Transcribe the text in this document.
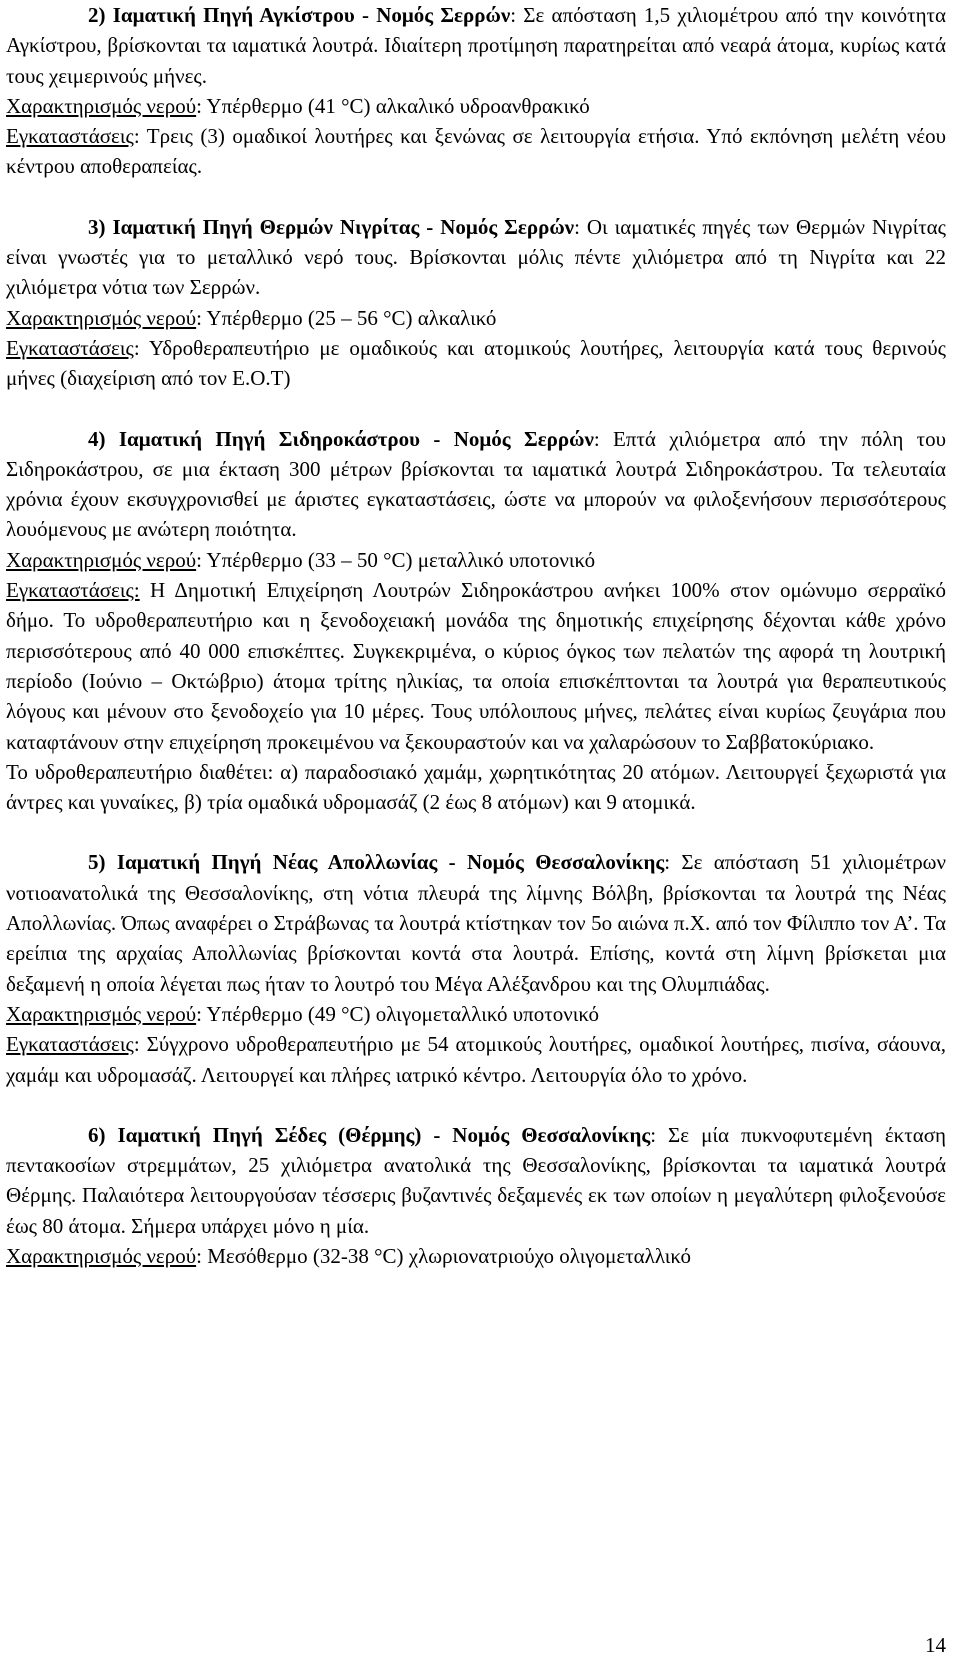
2) Ιαματική Πηγή Αγκίστρου - Νομός Σερρών: Σε απόσταση 1,5 χιλιομέτρου από την κοινότητα Αγκίστρου, βρίσκονται τα ιαματικά λουτρά. Ιδιαίτερη προτίμηση παρατηρείται από νεαρά άτομα, κυρίως κατά τους χειμερινούς μήνες.

Χαρακτηρισμός νερού: Υπέρθερμο (41 °C) αλκαλικό υδροανθρακικό

Εγκαταστάσεις: Τρεις (3) ομαδικοί λουτήρες και ξενώνας σε λειτουργία ετήσια. Υπό εκπόνηση μελέτη νέου κέντρου αποθεραπείας.

3) Ιαματική Πηγή Θερμών Νιγρίτας - Νομός Σερρών: Οι ιαματικές πηγές των Θερμών Νιγρίτας είναι γνωστές για το μεταλλικό νερό τους. Βρίσκονται μόλις πέντε χιλιόμετρα από τη Νιγρίτα και 22 χιλιόμετρα νότια των Σερρών.

Χαρακτηρισμός νερού: Υπέρθερμο (25 – 56 °C) αλκαλικό

Εγκαταστάσεις: Υδροθεραπευτήριο με ομαδικούς και ατομικούς λουτήρες, λειτουργία κατά τους θερινούς μήνες (διαχείριση από τον Ε.Ο.Τ)

4) Ιαματική Πηγή Σιδηροκάστρου - Νομός Σερρών: Επτά χιλιόμετρα από την πόλη του Σιδηροκάστρου, σε μια έκταση 300 μέτρων βρίσκονται τα ιαματικά λουτρά Σιδηροκάστρου. Τα τελευταία χρόνια έχουν εκσυγχρονισθεί με άριστες εγκαταστάσεις, ώστε να μπορούν να φιλοξενήσουν περισσότερους λουόμενους με ανώτερη ποιότητα.

Χαρακτηρισμός νερού: Υπέρθερμο (33 – 50 °C) μεταλλικό υποτονικό

Εγκαταστάσεις: Η Δημοτική Επιχείρηση Λουτρών Σιδηροκάστρου ανήκει 100% στον ομώνυμο σερραϊκό δήμο. Το υδροθεραπευτήριο και η ξενοδοχειακή μονάδα της δημοτικής επιχείρησης δέχονται κάθε χρόνο περισσότερους από 40 000 επισκέπτες. Συγκεκριμένα, ο κύριος όγκος των πελατών της αφορά τη λουτρική περίοδο (Ιούνιο – Οκτώβριο) άτομα τρίτης ηλικίας, τα οποία επισκέπτονται τα λουτρά για θεραπευτικούς λόγους και μένουν στο ξενοδοχείο για 10 μέρες. Τους υπόλοιπους μήνες, πελάτες είναι κυρίως ζευγάρια που καταφτάνουν στην επιχείρηση προκειμένου να ξεκουραστούν και να χαλαρώσουν το Σαββατοκύριακο.

Το υδροθεραπευτήριο διαθέτει: α) παραδοσιακό χαμάμ, χωρητικότητας 20 ατόμων. Λειτουργεί ξεχωριστά για άντρες και γυναίκες, β) τρία ομαδικά υδρομασάζ (2 έως 8 ατόμων) και 9 ατομικά.

5) Ιαματική Πηγή Νέας Απολλωνίας - Νομός Θεσσαλονίκης: Σε απόσταση 51 χιλιομέτρων νοτιοανατολικά της Θεσσαλονίκης, στη νότια πλευρά της λίμνης Βόλβη, βρίσκονται τα λουτρά της Νέας Απολλωνίας. Όπως αναφέρει ο Στράβωνας τα λουτρά κτίστηκαν τον 5ο αιώνα π.Χ. από τον Φίλιππο τον Α’. Τα ερείπια της αρχαίας Απολλωνίας βρίσκονται κοντά στα λουτρά. Επίσης, κοντά στη λίμνη βρίσκεται μια δεξαμενή η οποία λέγεται πως ήταν το λουτρό του Μέγα Αλέξανδρου και της Ολυμπιάδας.

Χαρακτηρισμός νερού: Υπέρθερμο (49 °C) ολιγομεταλλικό υποτονικό

Εγκαταστάσεις: Σύγχρονο υδροθεραπευτήριο με 54 ατομικούς λουτήρες, ομαδικοί λουτήρες, πισίνα, σάουνα, χαμάμ και υδρομασάζ. Λειτουργεί και πλήρες ιατρικό κέντρο. Λειτουργία όλο το χρόνο.

6) Ιαματική Πηγή Σέδες (Θέρμης) - Νομός Θεσσαλονίκης: Σε μία πυκνοφυτεμένη έκταση πεντακοσίων στρεμμάτων, 25 χιλιόμετρα ανατολικά της Θεσσαλονίκης, βρίσκονται τα ιαματικά λουτρά Θέρμης. Παλαιότερα λειτουργούσαν τέσσερις βυζαντινές δεξαμενές εκ των οποίων η μεγαλύτερη φιλοξενούσε έως 80 άτομα. Σήμερα υπάρχει μόνο η μία.

Χαρακτηρισμός νερού: Μεσόθερμο (32-38 °C) χλωριονατριούχο ολιγομεταλλικό

14
